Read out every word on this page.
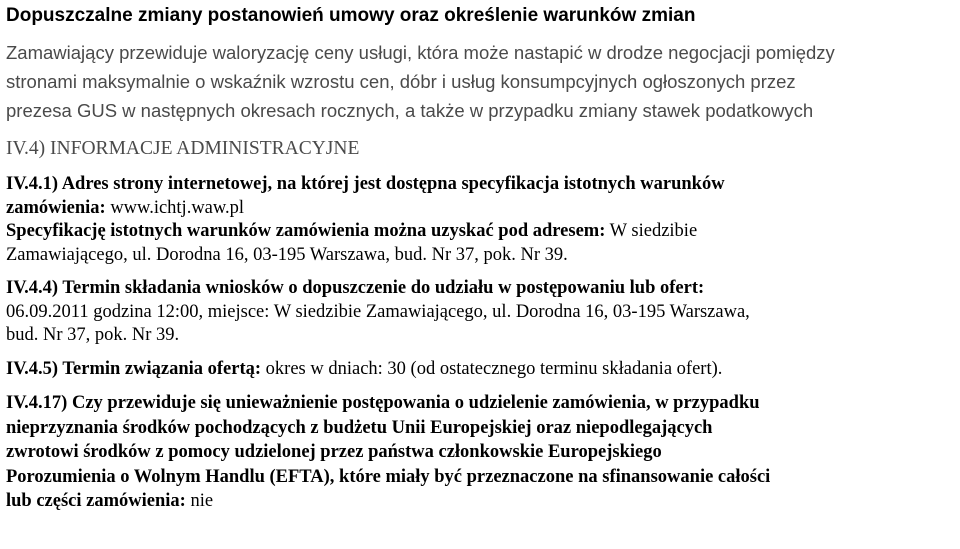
Dopuszczalne zmiany postanowień umowy oraz określenie warunków zmian
Zamawiający przewiduje waloryzację ceny usługi, która może nastapić w drodze negocjacji pomiędzy
stronami maksymalnie o wskaźnik wzrostu cen, dóbr i usług konsumpcyjnych ogłoszonych przez
prezesa GUS w następnych okresach rocznych, a także w przypadku zmiany stawek podatkowych
IV.4) INFORMACJE ADMINISTRACYJNE
IV.4.1) Adres strony internetowej, na której jest dostępna specyfikacja istotnych warunków
zamówienia: www.ichtj.waw.pl
Specyfikację istotnych warunków zamówienia można uzyskać pod adresem: W siedzibie
Zamawiającego, ul. Dorodna 16, 03-195 Warszawa, bud. Nr 37, pok. Nr 39.
IV.4.4) Termin składania wniosków o dopuszczenie do udziału w postępowaniu lub ofert:
06.09.2011 godzina 12:00, miejsce: W siedzibie Zamawiającego, ul. Dorodna 16, 03-195 Warszawa,
bud. Nr 37, pok. Nr 39.
IV.4.5) Termin związania ofertą: okres w dniach: 30 (od ostatecznego terminu składania ofert).
IV.4.17) Czy przewiduje się unieważnienie postępowania o udzielenie zamówienia, w przypadku
nieprzyznania środków pochodzących z budżetu Unii Europejskiej oraz niepodlegających
zwrotowi środków z pomocy udzielonej przez państwa członkowskie Europejskiego
Porozumienia o Wolnym Handlu (EFTA), które miały być przeznaczone na sfinansowanie całości
lub części zamówienia: nie
